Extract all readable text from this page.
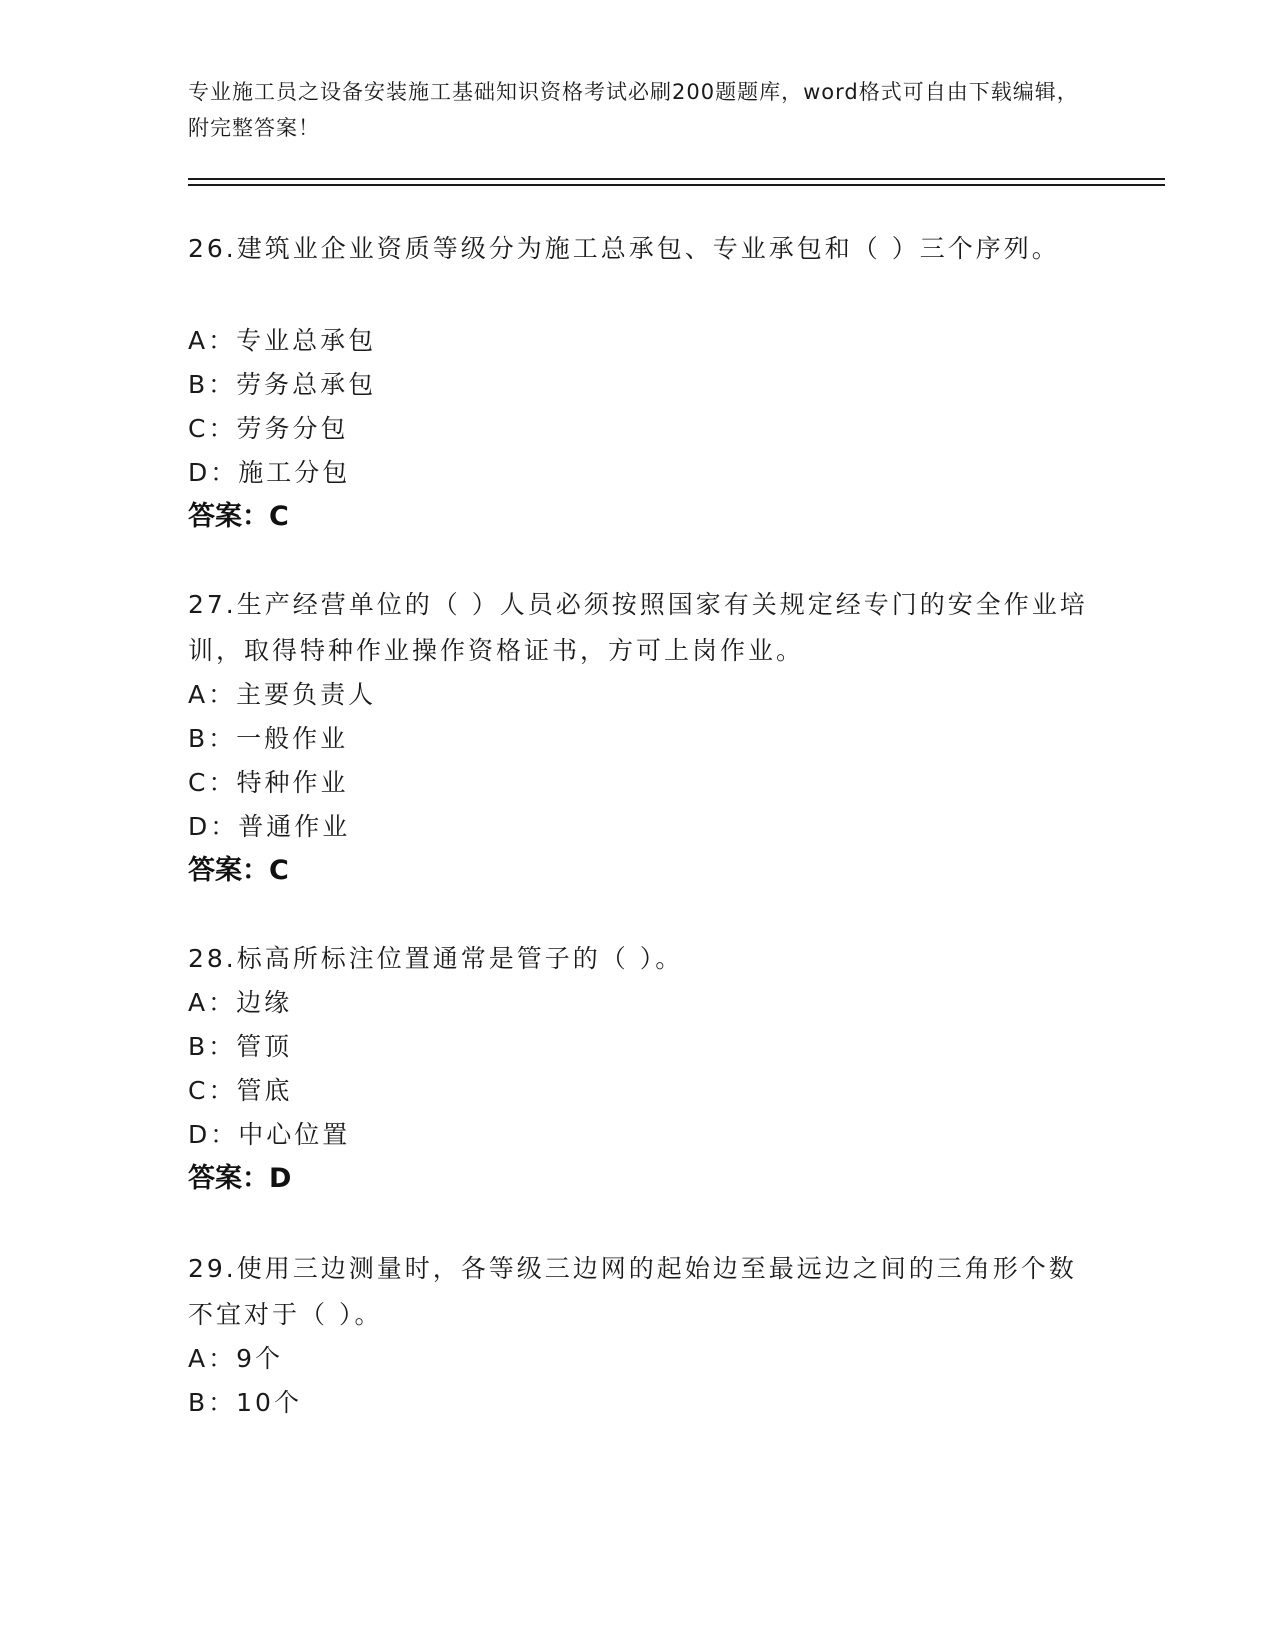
专业施工员之设备安装施工基础知识资格考试必刷200题题库，word格式可自由下载编辑，附完整答案！
26.建筑业企业资质等级分为施工总承包、专业承包和（ ）三个序列。
A：专业总承包
B：劳务总承包
C：劳务分包
D：施工分包
答案：C
27.生产经营单位的（ ）人员必须按照国家有关规定经专门的安全作业培训，取得特种作业操作资格证书，方可上岗作业。
A：主要负责人
B：一般作业
C：特种作业
D：普通作业
答案：C
28.标高所标注位置通常是管子的（ ）。
A：边缘
B：管顶
C：管底
D：中心位置
答案：D
29.使用三边测量时，各等级三边网的起始边至最远边之间的三角形个数不宜对于（ ）。
A：9个
B：10个
